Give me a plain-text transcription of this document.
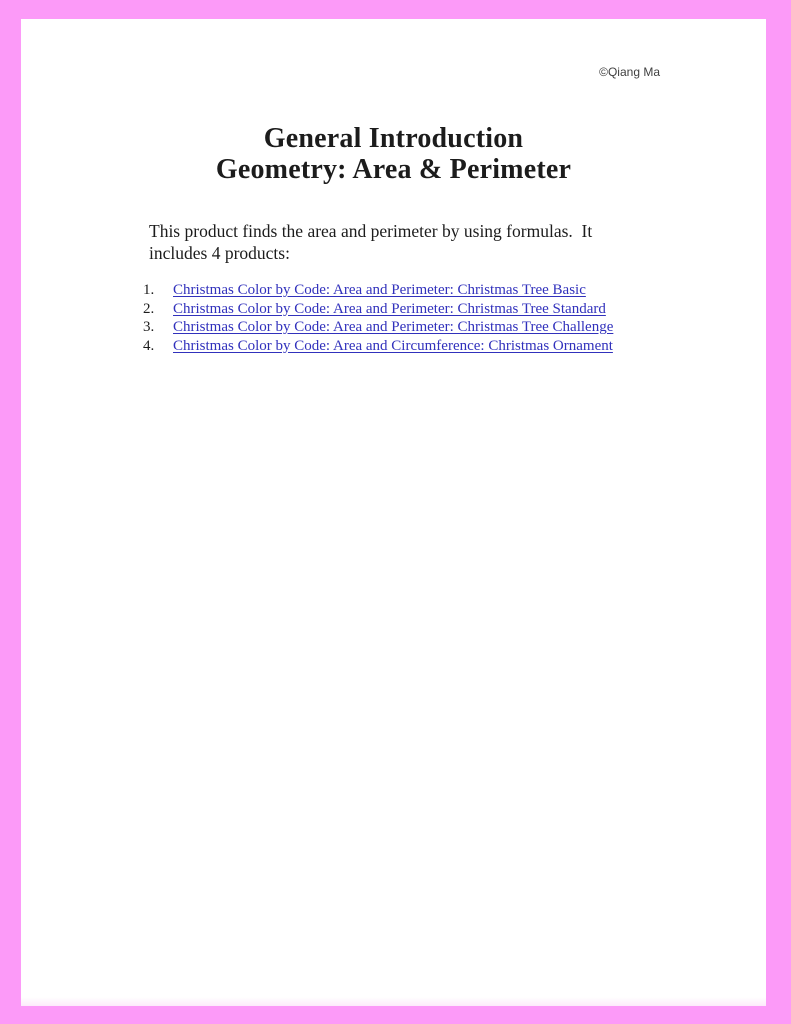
©Qiang Ma
General Introduction
Geometry: Area & Perimeter
This product finds the area and perimeter by using formulas.  It
includes 4 products:
1. Christmas Color by Code: Area and Perimeter: Christmas Tree Basic
2. Christmas Color by Code: Area and Perimeter: Christmas Tree Standard
3. Christmas Color by Code: Area and Perimeter: Christmas Tree Challenge
4. Christmas Color by Code: Area and Circumference: Christmas Ornament
